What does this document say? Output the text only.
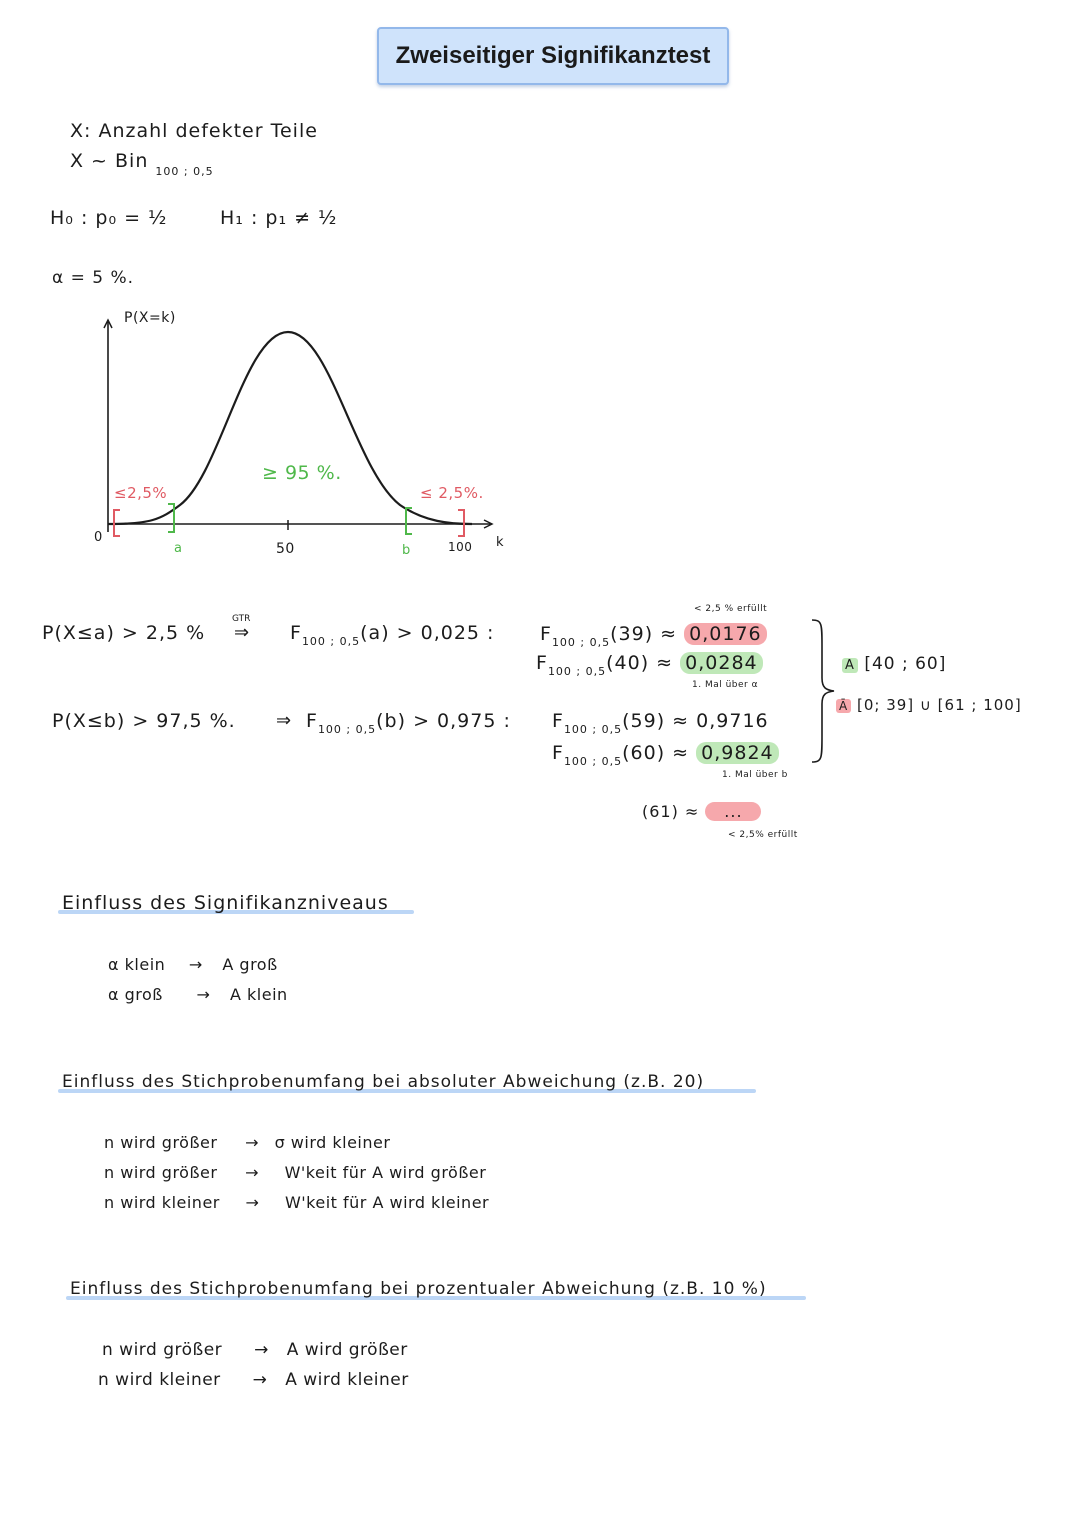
Zweiseitiger Signifikanztest
X: Anzahl defekter Teile
X ~ Bin $_{100 ; 0,5}$
H₀ : p₀ = ½	H₁ : p₁ ≠ ½
α = 5 %.
P(X=k)
k
0
a	50	b	100
≤2,5%
≥ 95 %.
≤ 2,5%.
P(X≤a) > 2,5 %
GTR
⇒ $F_{100 ; 0,5}(a) > 0,025$ :
< 2,5 % erfüllt
$F_{100 ; 0,5}(39) \approx 0,0176$
$F_{100 ; 0,5}(40) \approx 0,0284$
1. Mal über α
P(X≤b) > 97,5 %. ⇒ $F_{100 ; 0,5}(b) > 0,975$ : $F_{100 ; 0,5}(59) \approx 0,9716$
$F_{100 ; 0,5}(60) \approx 0,9824$
1. Mal über b
(61) ≈ ...
< 2,5% erfüllt
A [40 ; 60]
Ā [0; 39] ∪ [61 ; 100]
Einfluss des Signifikanzniveaus
α klein → A groß
α groß → A klein
Einfluss des Stichprobenumfang bei absoluter Abweichung (z.B. 20)
n wird größer → σ wird kleiner
n wird größer → W'keit für A wird größer
n wird kleiner → W'keit für A wird kleiner
Einfluss des Stichprobenumfang bei prozentualer Abweichung (z.B. 10 %)
n wird größer → A wird größer
n wird kleiner → A wird kleiner
